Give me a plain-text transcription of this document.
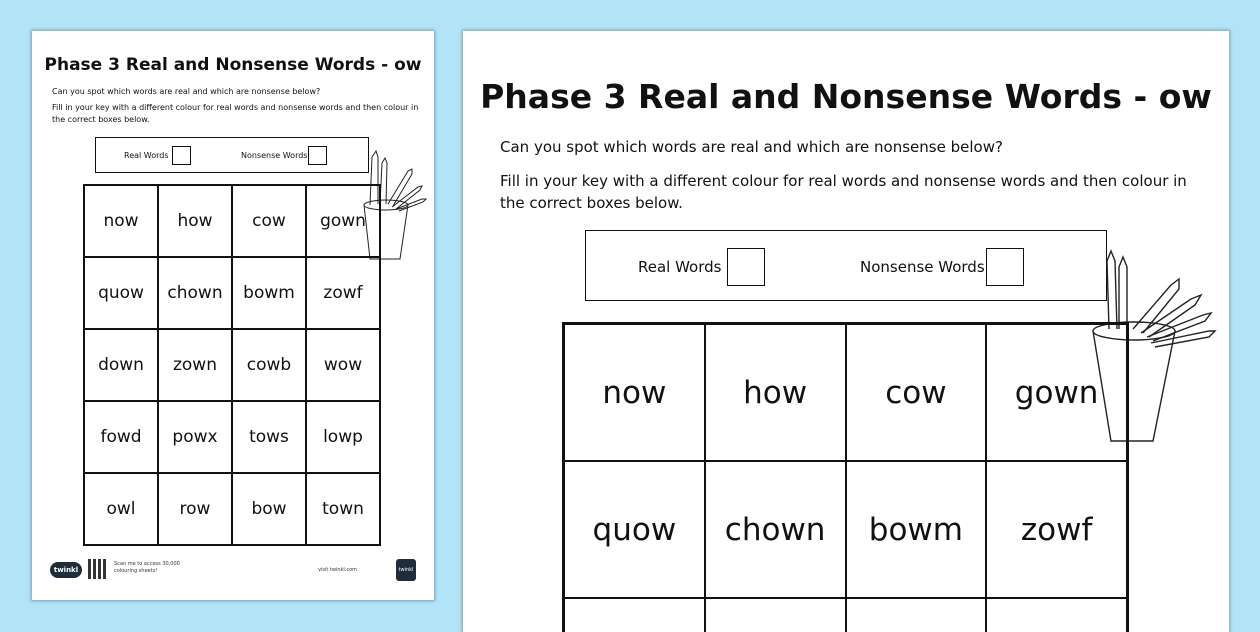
Phase 3 Real and Nonsense Words - ow
Can you spot which words are real and which are nonsense below?
Fill in your key with a different colour for real words and nonsense words and then colour in the correct boxes below.
Real Words	Nonsense Words
now	how	cow	gown
quow	chown	bowm	zowf
down	zown	cowb	wow
fowd	powx	tows	lowp
owl	row	bow	town
twinkl
Scan me to access 30,000 colouring sheets!	visit twinkl.com	twinkl
Phase 3 Real and Nonsense Words - ow
Can you spot which words are real and which are nonsense below?
Fill in your key with a different colour for real words and nonsense words and then colour in the correct boxes below.
Real Words	Nonsense Words
now	how	cow	gown
quow	chown	bowm	zowf
